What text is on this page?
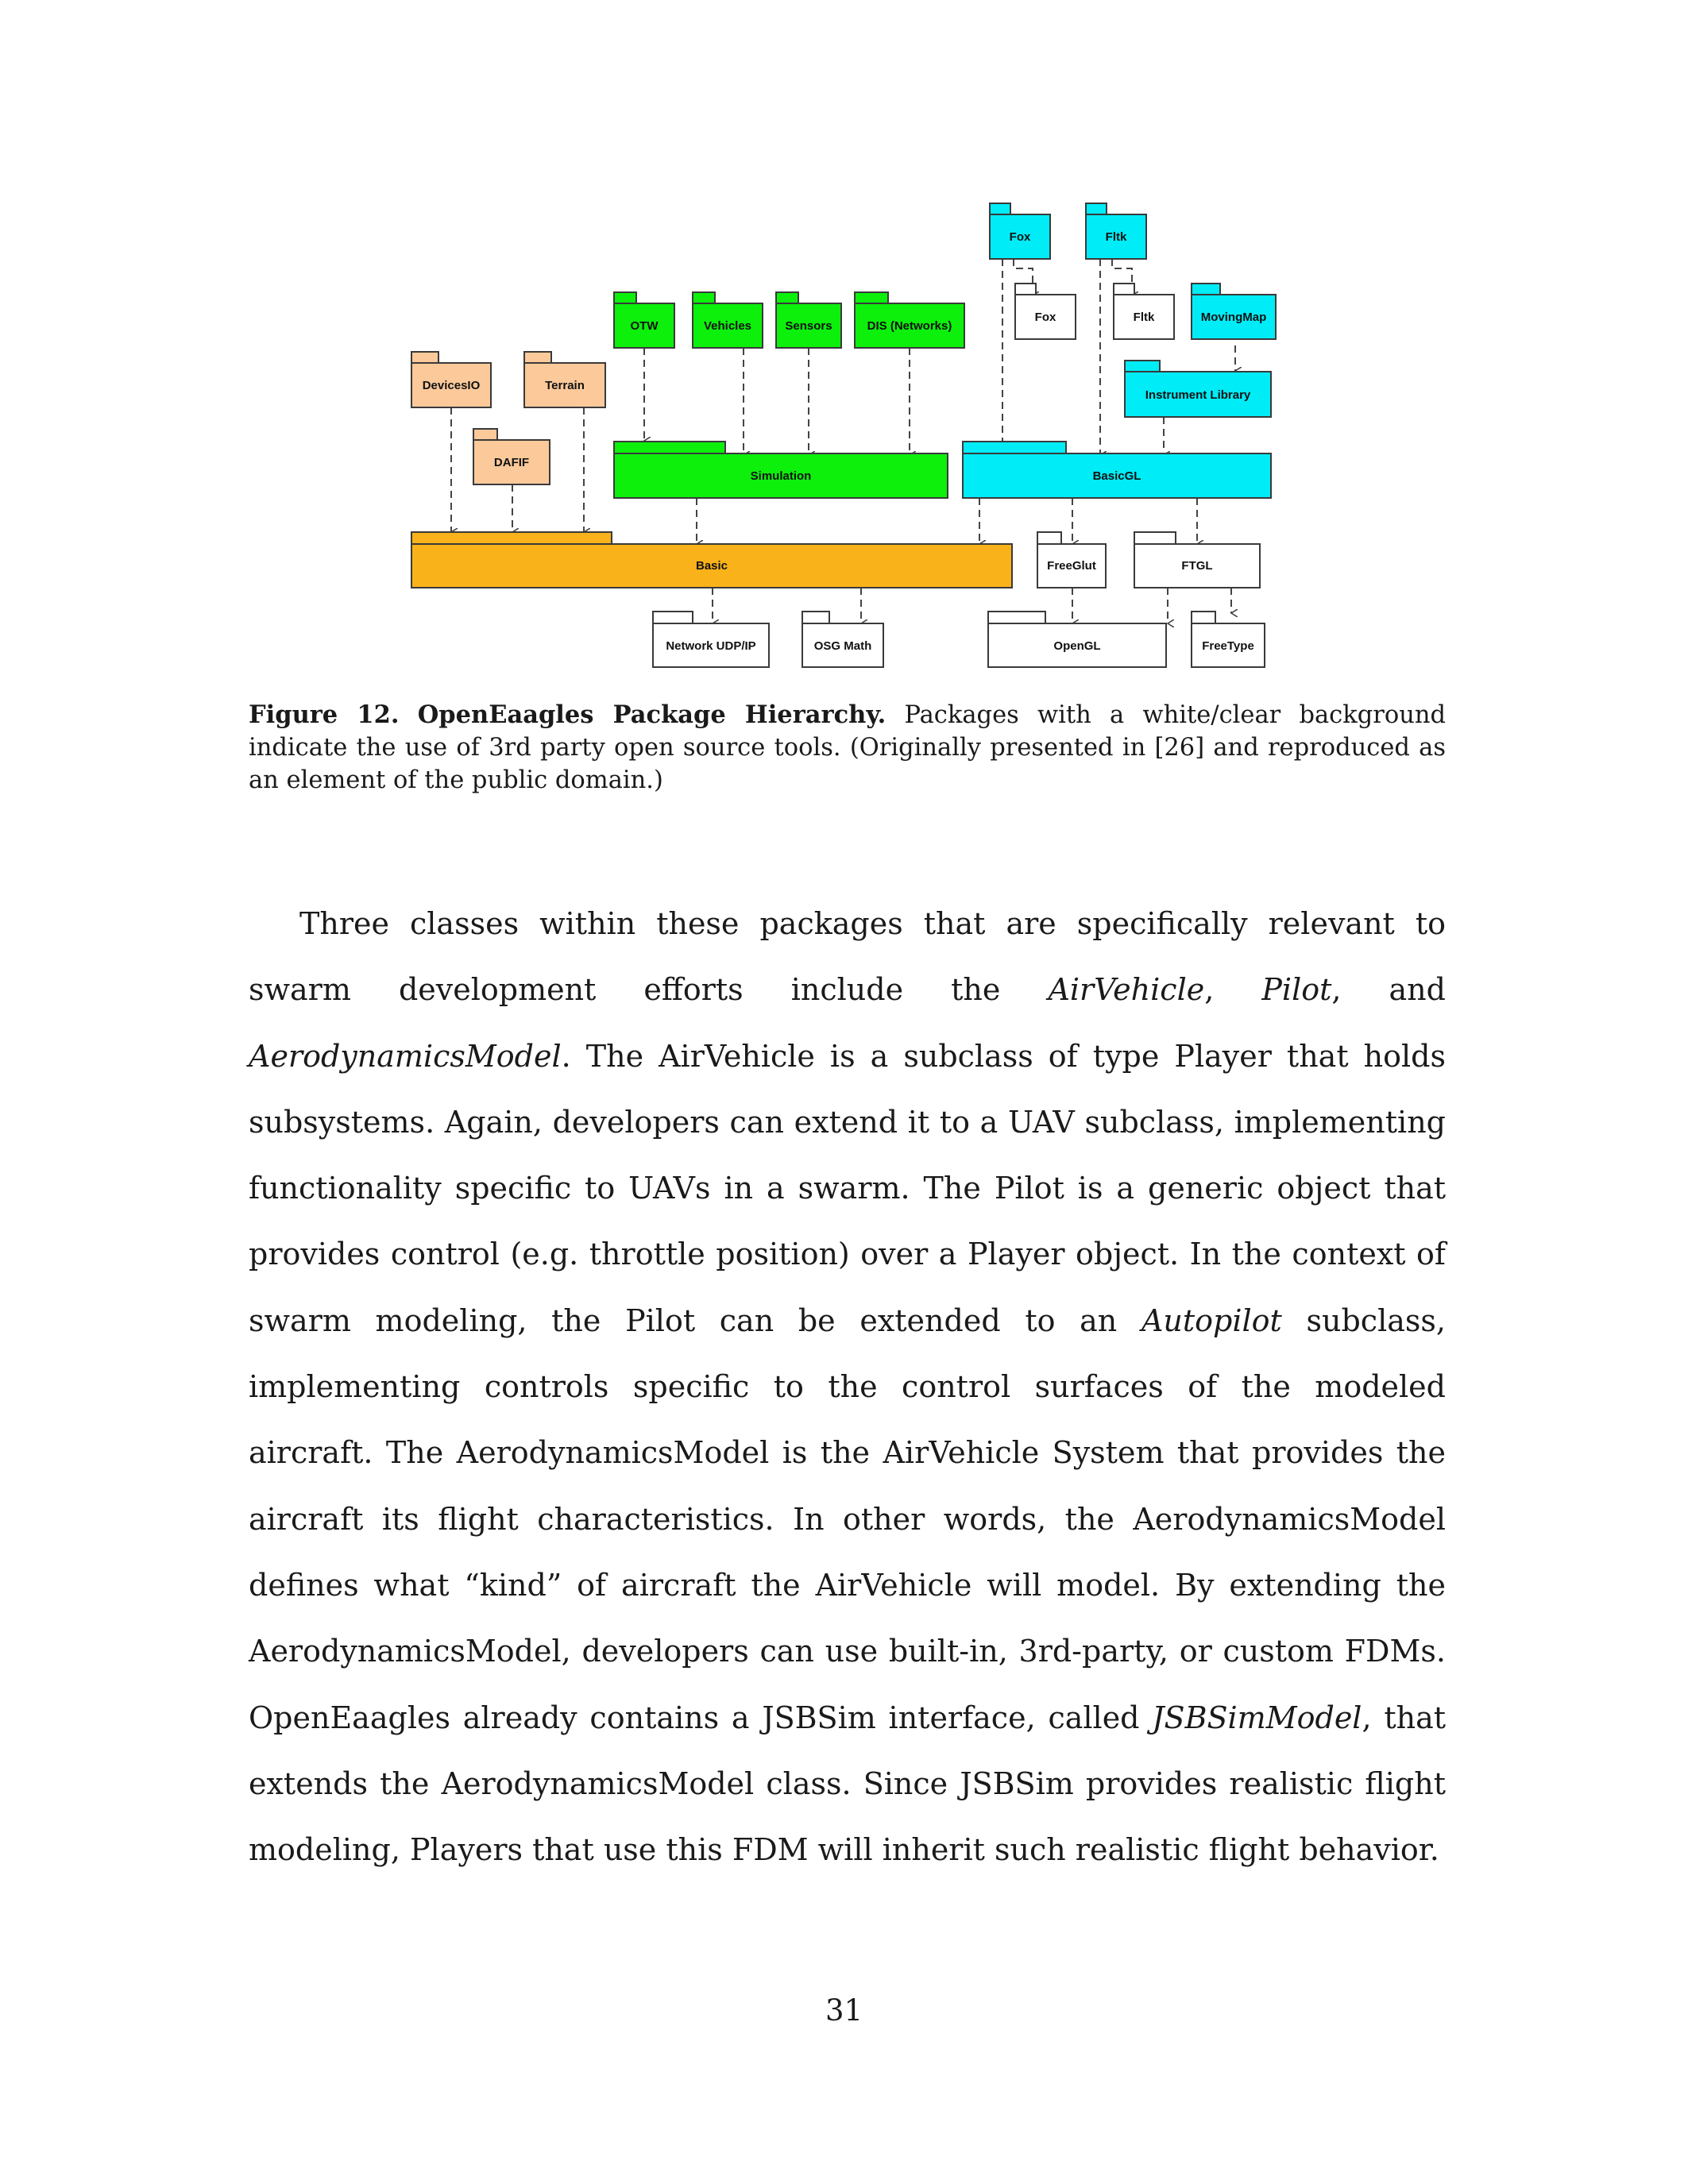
Fox	Fltk
OTW	Vehicles	Sensors	DIS (Networks)
Fox	Fltk	MovingMap
DevicesIO	Terrain
Instrument Library
DAFIF
Simulation	BasicGL
Basic	FreeGlut	FTGL
Network UDP/IP	OSG Math	OpenGL	FreeType
Figure 12. OpenEaagles Package Hierarchy. Packages with a white/clear background indicate the use of 3rd party open source tools. (Originally presented in [26] and reproduced as an element of the public domain.)

Three classes within these packages that are specifically relevant to swarm development efforts include the AirVehicle, Pilot, and AerodynamicsModel. The AirVehicle is a subclass of type Player that holds subsystems. Again, developers can extend it to a UAV subclass, implementing functionality specific to UAVs in a swarm. The Pilot is a generic object that provides control (e.g. throttle position) over a Player object. In the context of swarm modeling, the Pilot can be extended to an Autopilot subclass, implementing controls specific to the control surfaces of the modeled aircraft. The AerodynamicsModel is the AirVehicle System that provides the aircraft its flight characteristics. In other words, the AerodynamicsModel defines what “kind” of aircraft the AirVehicle will model. By extending the AerodynamicsModel, developers can use built-in, 3rd-party, or custom FDMs. OpenEaagles already contains a JSBSim interface, called JSBSimModel, that extends the AerodynamicsModel class. Since JSBSim provides realistic flight modeling, Players that use this FDM will inherit such realistic flight behavior.

31
